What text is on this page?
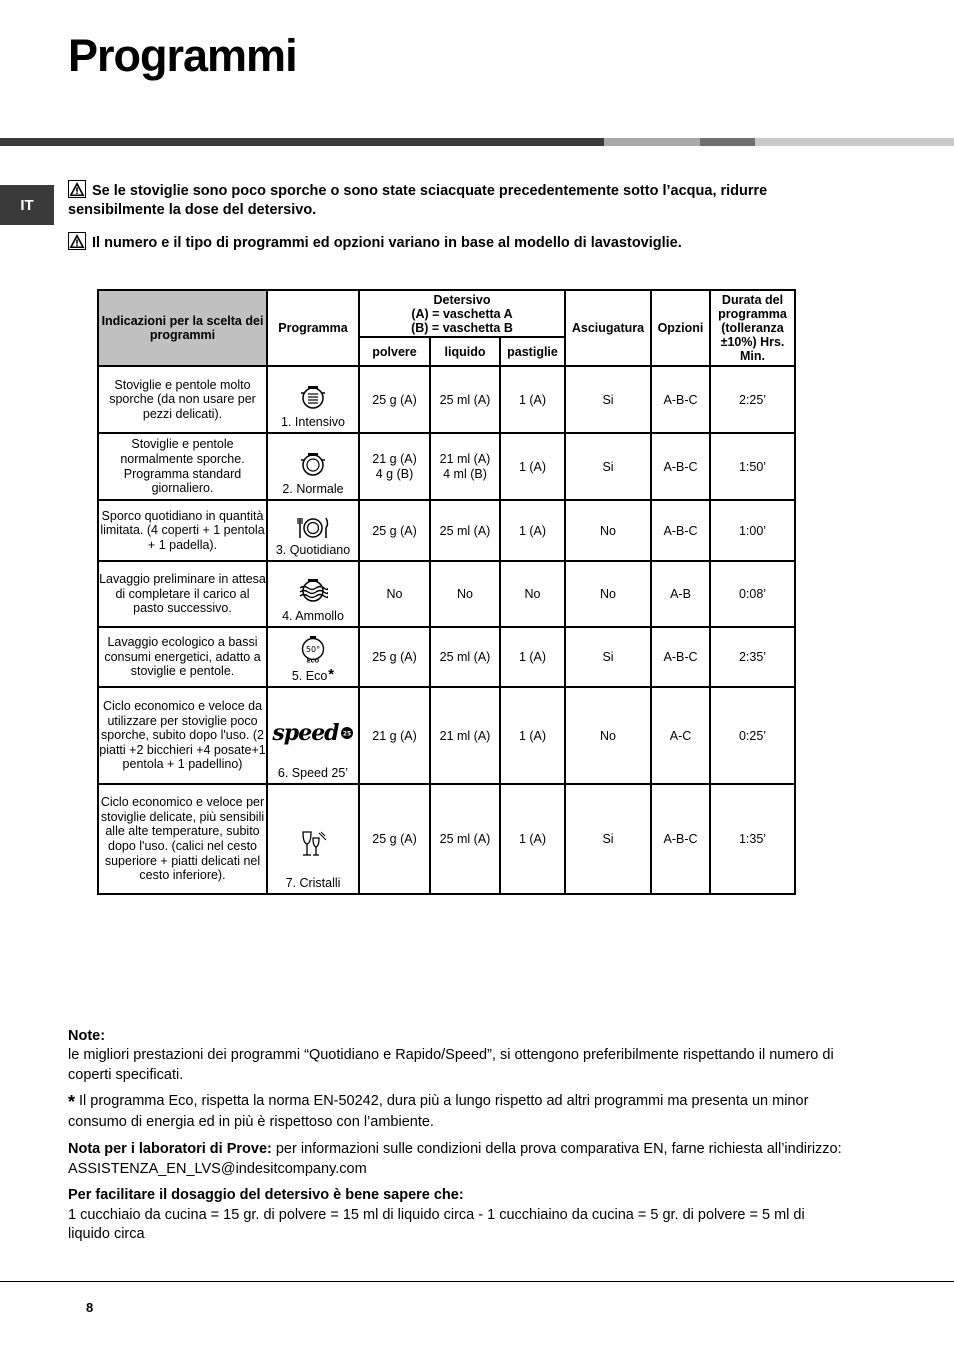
Programmi
IT
Se le stoviglie sono poco sporche o sono state sciacquate precedentemente sotto l’acqua, ridurre sensibilmente la dose del detersivo.
Il numero e il tipo di programmi ed opzioni variano in base al modello di lavastoviglie.
Indicazioni per la scelta dei programmi	Programma	Detersivo
(A) = vaschetta A
(B) = vaschetta B			Asciugatura	Opzioni	Durata del programma (tolleranza ±10%) Hrs. Min.
		polvere	liquido	pastiglie			
Stoviglie e pentole molto sporche (da non usare per pezzi delicati).	1. Intensivo	25 g (A)	25 ml (A)	1 (A)	Si	A-B-C	2:25’
Stoviglie e pentole normalmente sporche. Programma standard giornaliero.	2. Normale	21 g (A)
4 g (B)	21 ml (A)
4 ml (B)	1 (A)	Si	A-B-C	1:50’
Sporco quotidiano in quantità limitata. (4 coperti + 1 pentola + 1 padella).	3. Quotidiano	25 g (A)	25 ml (A)	1 (A)	No	A-B-C	1:00’
Lavaggio preliminare in attesa di completare il carico al pasto successivo.	4. Ammollo	No	No	No	No	A-B	0:08’
Lavaggio ecologico a bassi consumi energetici, adatto a stoviglie e pentole.	50°
ECO
5. Eco*	25 g (A)	25 ml (A)	1 (A)	Si	A-B-C	2:35’
Ciclo economico e veloce da utilizzare per stoviglie poco sporche, subito dopo l'uso. (2 piatti +2 bicchieri +4 posate+1 pentola + 1 padellino)	speed 25
6. Speed 25’	21 g (A)	21 ml (A)	1 (A)	No	A-C	0:25’
Ciclo economico e veloce per stoviglie delicate, più sensibili alle alte temperature, subito dopo l'uso. (calici nel cesto superiore + piatti delicati nel cesto inferiore).	7. Cristalli	25 g (A)	25 ml (A)	1 (A)	Si	A-B-C	1:35’
Note:
le migliori prestazioni dei programmi “Quotidiano e Rapido/Speed”, si ottengono preferibilmente rispettando il numero di coperti specificati.
* Il programma Eco, rispetta la norma EN-50242, dura più a lungo rispetto ad altri programmi ma presenta un minor consumo di energia ed in più è rispettoso con l’ambiente.
Nota per i laboratori di Prove: per informazioni sulle condizioni della prova comparativa EN, farne richiesta all’indirizzo: ASSISTENZA_EN_LVS@indesitcompany.com
Per facilitare il dosaggio del detersivo è bene sapere che:
1 cucchiaio da cucina = 15 gr. di polvere = 15 ml di liquido circa - 1 cucchiaino da cucina = 5 gr. di polvere = 5 ml di liquido circa
8
